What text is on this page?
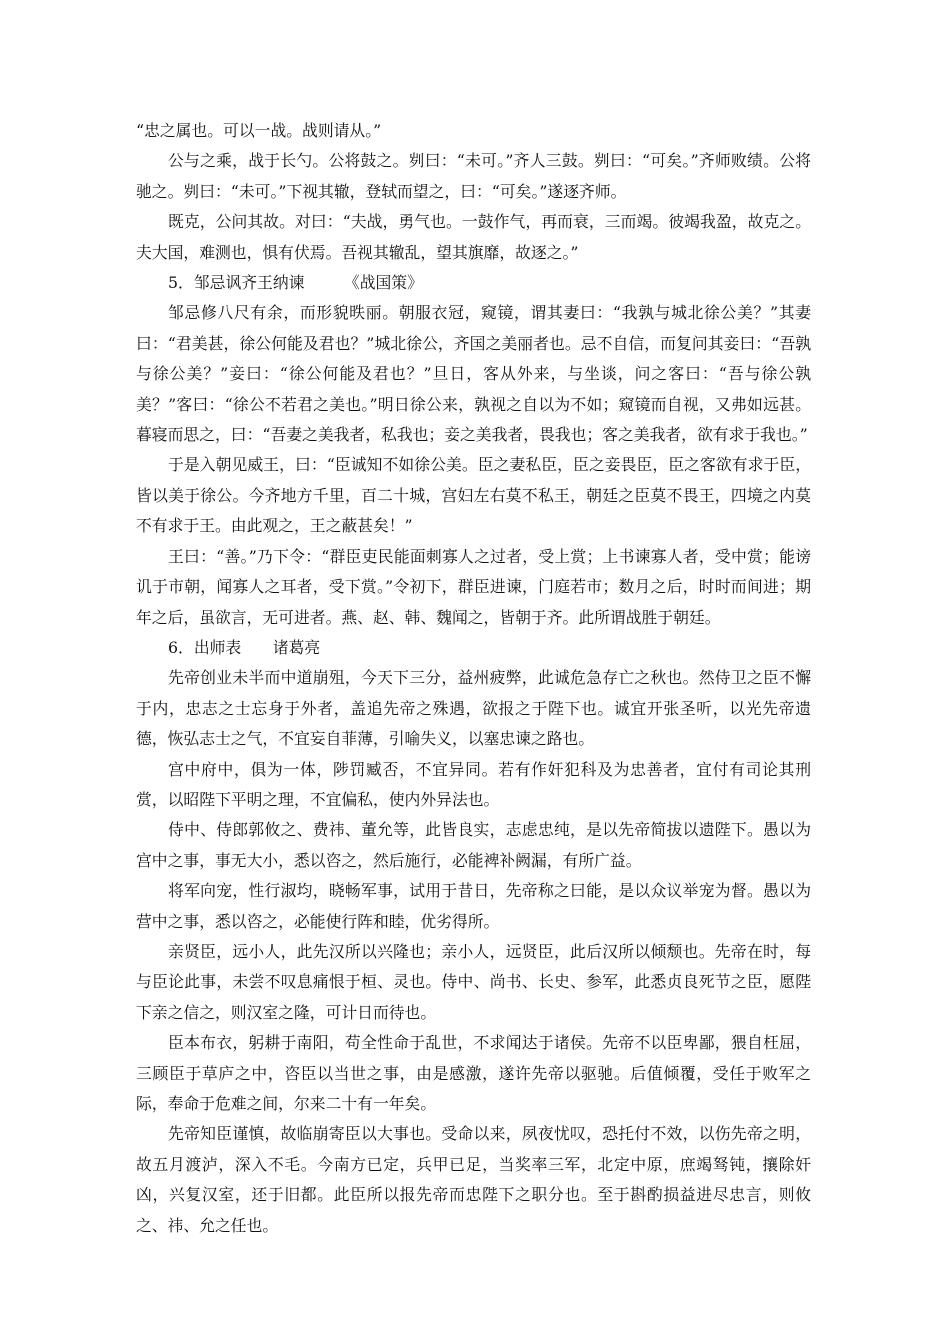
“忠之属也。可以一战。战则请从。”

公与之乘，战于长勺。公将鼓之。刿曰：“未可。”齐人三鼓。刿曰：“可矣。”齐师败绩。公将驰之。刿曰：“未可。”下视其辙，登轼而望之，曰：“可矣。”遂逐齐师。

既克，公问其故。对曰：“夫战，勇气也。一鼓作气，再而衰，三而竭。彼竭我盈，故克之。夫大国，难测也，惧有伏焉。吾视其辙乱，望其旗靡，故逐之。”

5．邹忌讽齐王纳谏　　　《战国策》

邹忌修八尺有余，而形貌昳丽。朝服衣冠，窥镜，谓其妻曰：“我孰与城北徐公美？”其妻曰：“君美甚，徐公何能及君也？”城北徐公，齐国之美丽者也。忌不自信，而复问其妾曰：“吾孰与徐公美？”妾曰：“徐公何能及君也？”旦日，客从外来，与坐谈，问之客曰：“吾与徐公孰美？”客曰：“徐公不若君之美也。”明日徐公来，孰视之自以为不如；窥镜而自视，又弗如远甚。暮寝而思之，曰：“吾妻之美我者，私我也；妾之美我者，畏我也；客之美我者，欲有求于我也。”

于是入朝见威王，曰：“臣诚知不如徐公美。臣之妻私臣，臣之妾畏臣，臣之客欲有求于臣，皆以美于徐公。今齐地方千里，百二十城，宫妇左右莫不私王，朝廷之臣莫不畏王，四境之内莫不有求于王。由此观之，王之蔽甚矣！”

王曰：“善。”乃下令：“群臣吏民能面刺寡人之过者，受上赏；上书谏寡人者，受中赏；能谤讥于市朝，闻寡人之耳者，受下赏。”令初下，群臣进谏，门庭若市；数月之后，时时而间进；期年之后，虽欲言，无可进者。燕、赵、韩、魏闻之，皆朝于齐。此所谓战胜于朝廷。

6．出师表　　诸葛亮

先帝创业未半而中道崩殂，今天下三分，益州疲弊，此诚危急存亡之秋也。然侍卫之臣不懈于内，忠志之士忘身于外者，盖追先帝之殊遇，欲报之于陛下也。诚宜开张圣听，以光先帝遗德，恢弘志士之气，不宜妄自菲薄，引喻失义，以塞忠谏之路也。

宫中府中，俱为一体，陟罚臧否，不宜异同。若有作奸犯科及为忠善者，宜付有司论其刑赏，以昭陛下平明之理，不宜偏私，使内外异法也。

侍中、侍郎郭攸之、费祎、董允等，此皆良实，志虑忠纯，是以先帝简拔以遗陛下。愚以为宫中之事，事无大小，悉以咨之，然后施行，必能裨补阙漏，有所广益。

将军向宠，性行淑均，晓畅军事，试用于昔日，先帝称之曰能，是以众议举宠为督。愚以为营中之事，悉以咨之，必能使行阵和睦，优劣得所。

亲贤臣，远小人，此先汉所以兴隆也；亲小人，远贤臣，此后汉所以倾颓也。先帝在时，每与臣论此事，未尝不叹息痛恨于桓、灵也。侍中、尚书、长史、参军，此悉贞良死节之臣，愿陛下亲之信之，则汉室之隆，可计日而待也。

臣本布衣，躬耕于南阳，苟全性命于乱世，不求闻达于诸侯。先帝不以臣卑鄙，猥自枉屈，三顾臣于草庐之中，咨臣以当世之事，由是感激，遂许先帝以驱驰。后值倾覆，受任于败军之际，奉命于危难之间，尔来二十有一年矣。

先帝知臣谨慎，故临崩寄臣以大事也。受命以来，夙夜忧叹，恐托付不效，以伤先帝之明，故五月渡泸，深入不毛。今南方已定，兵甲已足，当奖率三军，北定中原，庶竭驽钝，攘除奸凶，兴复汉室，还于旧都。此臣所以报先帝而忠陛下之职分也。至于斟酌损益进尽忠言，则攸之、祎、允之任也。
